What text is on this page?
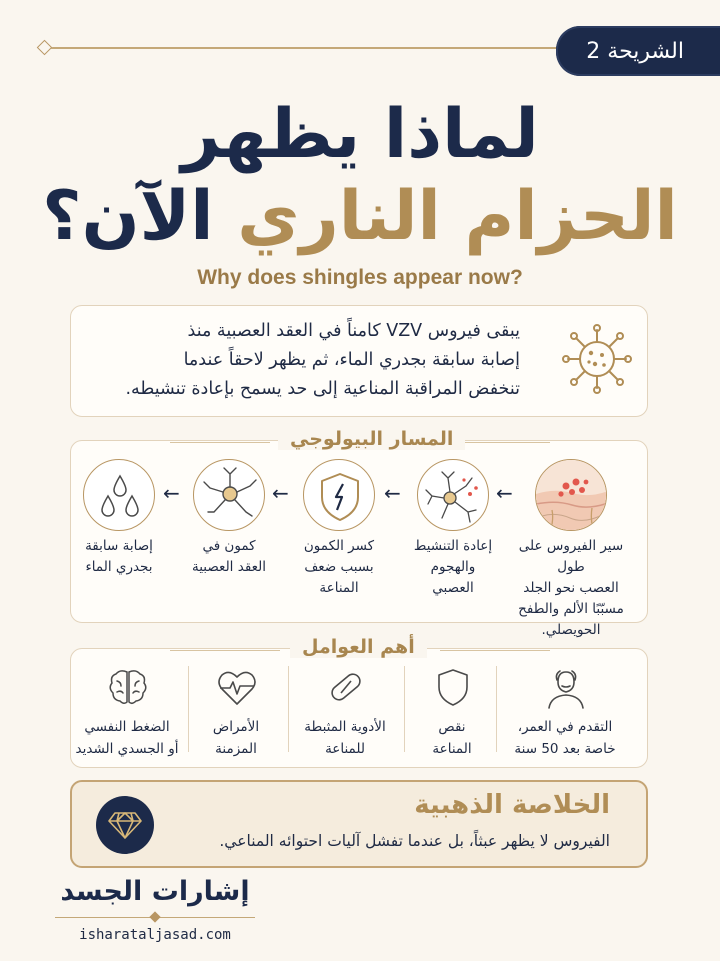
الشريحة 2
لماذا يظهر
الحزام الناري الآن؟
Why does shingles appear now?
يبقى فيروس VZV كامناً في العقد العصبية منذ
إصابة سابقة بجدري الماء، ثم يظهر لاحقاً عندما
تنخفض المراقبة المناعية إلى حد يسمح بإعادة تنشيطه.
المسار البيولوجي
سير الفيروس على طول
العصب نحو الجلد
مسبّبًا الألم والطفح
الحويصلي.
←
إعادة التنشيط
والهجوم
العصبي
←
كسر الكمون
بسبب ضعف
المناعة
←
كمون في
العقد العصبية
←
إصابة سابقة
بجدري الماء
أهم العوامل
التقدم في العمر،
خاصة بعد 50 سنة
نقص
المناعة
الأدوية المثبطة
للمناعة
الأمراض
المزمنة
الضغط النفسي
أو الجسدي الشديد
الخلاصة الذهبية
الفيروس لا يظهر عبثاً، بل عندما تفشل آليات احتوائه المناعي.
إشارات الجسد
isharataljasad.com
